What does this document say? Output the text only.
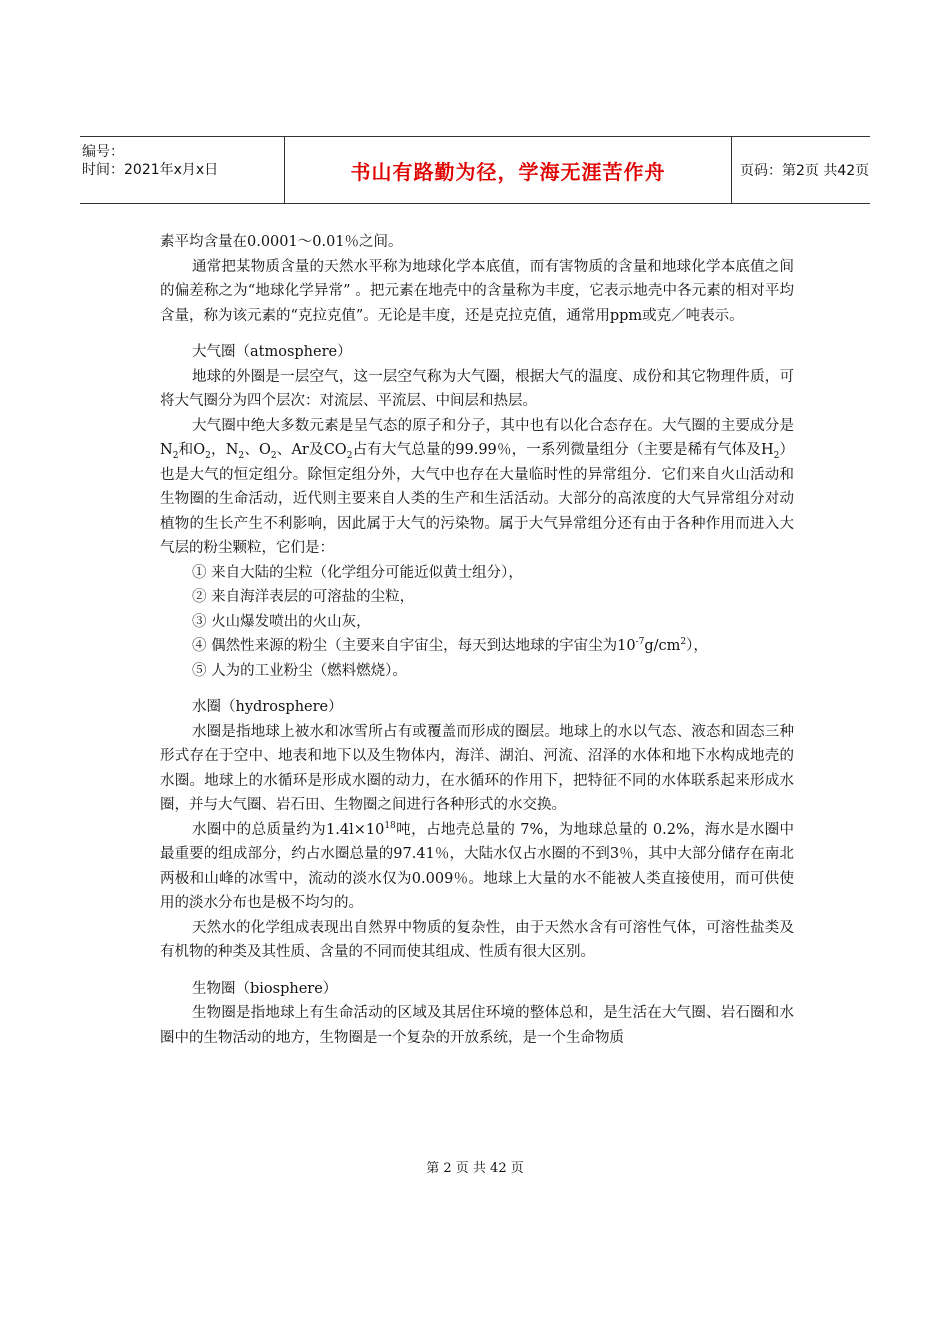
编号：
时间：2021年x月x日	书山有路勤为径，学海无涯苦作舟	页码：第2页 共42页

素平均含量在0.0001～0.01％之间。

通常把某物质含量的天然水平称为地球化学本底值，而有害物质的含量和地球化学本底值之间的偏差称之为“地球化学异常” 。把元素在地壳中的含量称为丰度，它表示地壳中各元素的相对平均含量，称为该元素的“克拉克值”。无论是丰度，还是克拉克值，通常用ppm或克／吨表示。

大气圈（atmosphere）

地球的外圈是一层空气，这一层空气称为大气圈，根据大气的温度、成份和其它物理件质，可将大气圈分为四个层次：对流层、平流层、中间层和热层。

大气圈中绝大多数元素是呈气态的原子和分子，其中也有以化合态存在。大气圈的主要成分是$N_2$和$O_2$，$N_2$、$O_2$、Ar及$CO_2$占有大气总量的99.99％，一系列微量组分（主要是稀有气体及$H_2$）也是大气的恒定组分。除恒定组分外，大气中也存在大量临时性的异常组分．它们来自火山活动和生物圈的生命活动，近代则主要来自人类的生产和生活活动。大部分的高浓度的大气异常组分对动植物的生长产生不利影响，因此属于大气的污染物。属于大气异常组分还有由于各种作用而进入大气层的粉尘颗粒，它们是：

① 来自大陆的尘粒（化学组分可能近似黄士组分），

② 来自海洋表层的可溶盐的尘粒，

③ 火山爆发喷出的火山灰，

④ 偶然性来源的粉尘（主要来自宇宙尘，每天到达地球的宇宙尘为$10^{-7}g/cm^2$），

⑤ 人为的工业粉尘（燃料燃烧）。

水圈（hydrosphere）

水圈是指地球上被水和冰雪所占有或覆盖而形成的圈层。地球上的水以气态、液态和固态三种形式存在于空中、地表和地下以及生物体内，海洋、湖泊、河流、沼泽的水体和地下水构成地壳的水圈。地球上的水循环是形成水圈的动力，在水循环的作用下，把特征不同的水体联系起来形成水圈，并与大气圈、岩石田、生物圈之间进行各种形式的水交换。

水圈中的总质量约为$1.4l\times 10^{18}$吨，占地壳总量的 7%，为地球总量的 0.2%，海水是水圈中最重要的组成部分，约占水圈总量的97.41％，大陆水仅占水圈的不到3％，其中大部分储存在南北两极和山峰的冰雪中，流动的淡水仅为0.009％。地球上大量的水不能被人类直接使用，而可供使用的淡水分布也是极不均匀的。

天然水的化学组成表现出自然界中物质的复杂性，由于天然水含有可溶性气体，可溶性盐类及有机物的种类及其性质、含量的不同而使其组成、性质有很大区别。

生物圈（biosphere）

生物圈是指地球上有生命活动的区域及其居住环境的整体总和，是生活在大气圈、岩石圈和水圈中的生物活动的地方，生物圈是一个复杂的开放系统，是一个生命物质

第 2 页 共 42 页
